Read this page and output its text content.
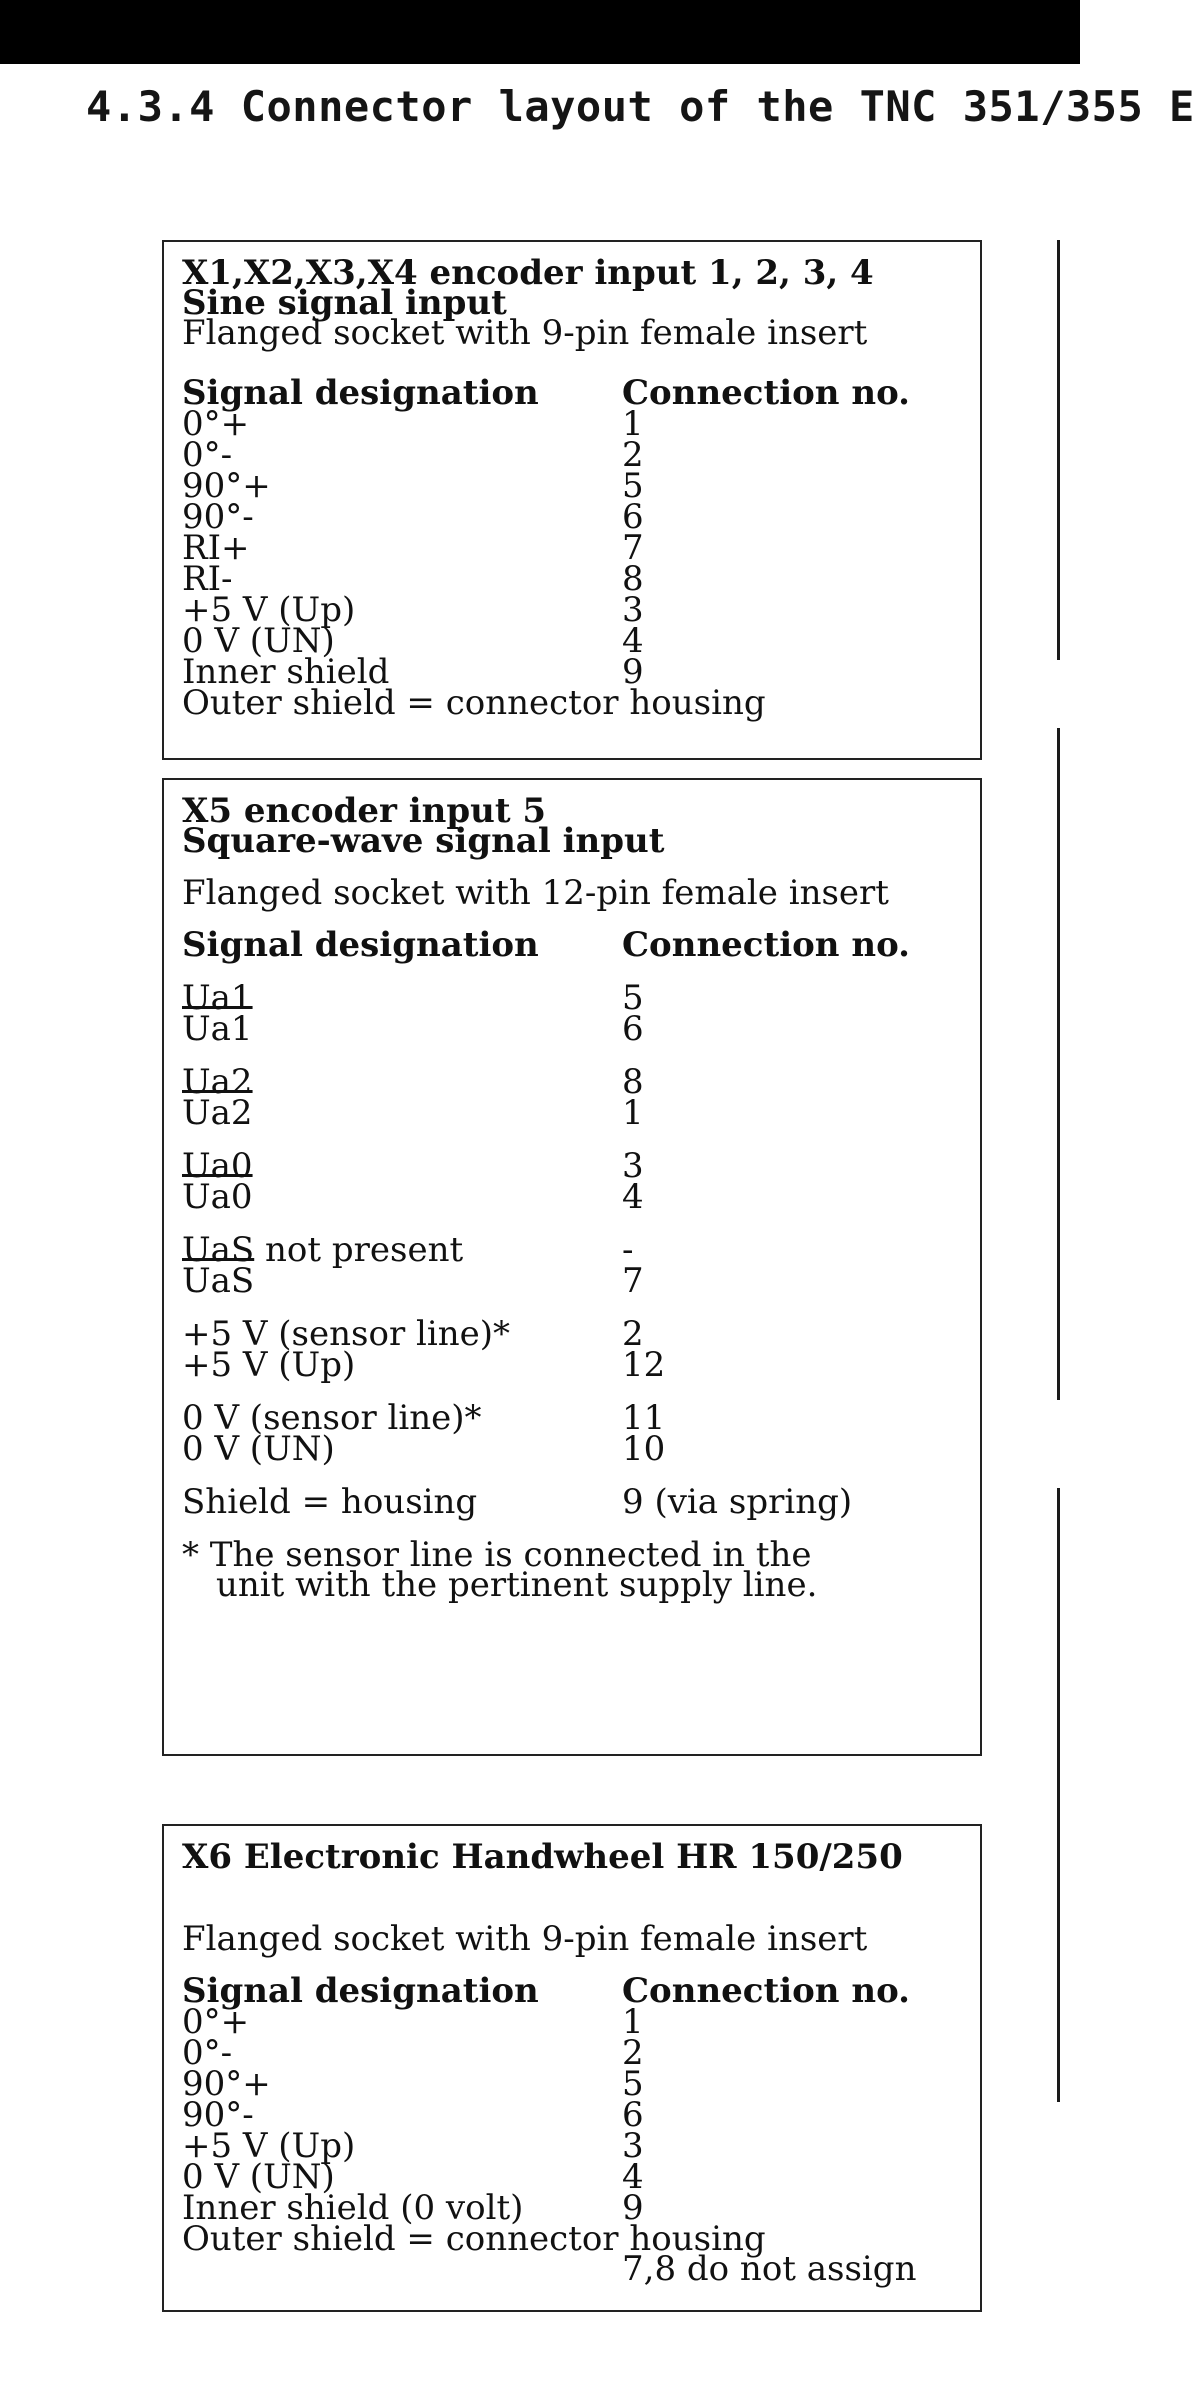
4.3.4 Connector layout of the TNC 351/355 E
X1,X2,X3,X4 encoder input 1, 2, 3, 4
Sine signal input
Flanged socket with 9-pin female insert
Signal designation	Connection no.
0°+	1
0°-	2
90°+	5
90°-	6
RI+	7
RI-	8
+5 V (Up)	3
0 V (UN)	4
Inner shield	9
Outer shield = connector housing
X5 encoder input 5
Square-wave signal input
Flanged socket with 12-pin female insert
Signal designation	Connection no.
Ua1	5
Ua1	6
Ua2	8
Ua2	1
Ua0	3
Ua0	4
UaS not present	-
$\overline{UaS}$	7
+5 V (sensor line)*	2
+5 V (Up)	12
0 V (sensor line)*	11
0 V (UN)	10
Shield = housing	9 (via spring)
* The sensor line is connected in the
unit with the pertinent supply line.
X6 Electronic Handwheel HR 150/250
Flanged socket with 9-pin female insert
Signal designation	Connection no.
0°+	1
0°-	2
90°+	5
90°-	6
+5 V (Up)	3
0 V (UN)	4
Inner shield (0 volt)	9
Outer shield = connector housing
7,8 do not assign
